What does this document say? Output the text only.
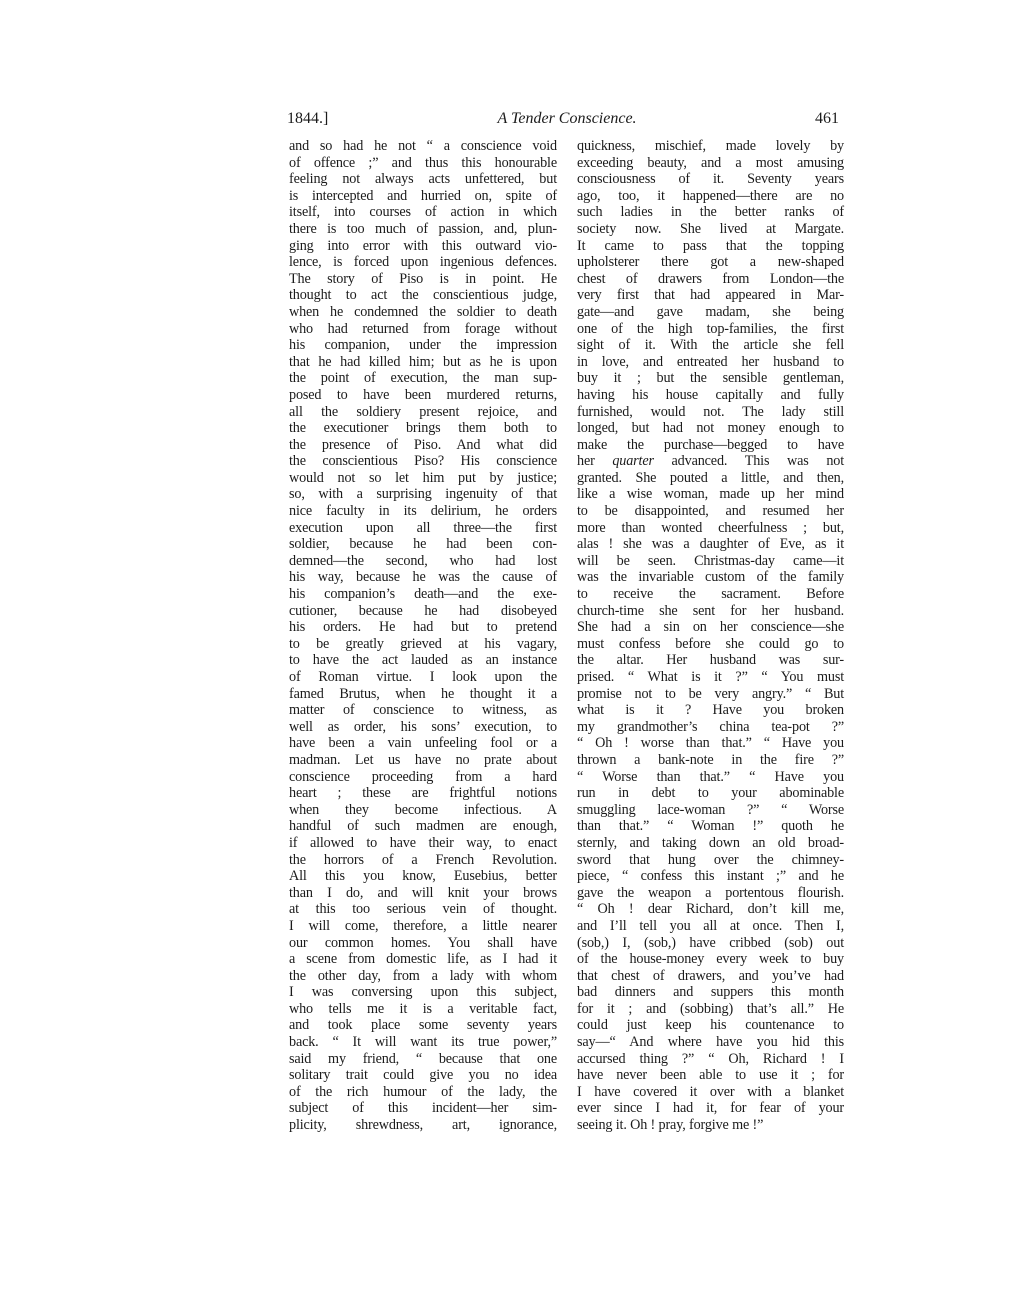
1844.]	A Tender Conscience.	461
and so had he not “ a conscience void
of offence ;” and thus this honourable
feeling not always acts unfettered, but
is intercepted and hurried on, spite of
itself, into courses of action in which
there is too much of passion, and, plun-
ging into error with this outward vio-
lence, is forced upon ingenious defences.
The story of Piso is in point. He
thought to act the conscientious judge,
when he condemned the soldier to death
who had returned from forage without
his companion, under the impression
that he had killed him; but as he is upon
the point of execution, the man sup-
posed to have been murdered returns,
all the soldiery present rejoice, and
the executioner brings them both to
the presence of Piso. And what did
the conscientious Piso? His conscience
would not so let him put by justice;
so, with a surprising ingenuity of that
nice faculty in its delirium, he orders
execution upon all three—the first
soldier, because he had been con-
demned—the second, who had lost
his way, because he was the cause of
his companion’s death—and the exe-
cutioner, because he had disobeyed
his orders. He had but to pretend
to be greatly grieved at his vagary,
to have the act lauded as an instance
of Roman virtue. I look upon the
famed Brutus, when he thought it a
matter of conscience to witness, as
well as order, his sons’ execution, to
have been a vain unfeeling fool or a
madman. Let us have no prate about
conscience proceeding from a hard
heart ; these are frightful notions
when they become infectious. A
handful of such madmen are enough,
if allowed to have their way, to enact
the horrors of a French Revolution.
All this you know, Eusebius, better
than I do, and will knit your brows
at this too serious vein of thought.
I will come, therefore, a little nearer
our common homes. You shall have
a scene from domestic life, as I had it
the other day, from a lady with whom
I was conversing upon this subject,
who tells me it is a veritable fact,
and took place some seventy years
back. “ It will want its true power,”
said my friend, “ because that one
solitary trait could give you no idea
of the rich humour of the lady, the
subject of this incident—her sim-
plicity, shrewdness, art, ignorance,
quickness, mischief, made lovely by
exceeding beauty, and a most amusing
consciousness of it. Seventy years
ago, too, it happened—there are no
such ladies in the better ranks of
society now. She lived at Margate.
It came to pass that the topping
upholsterer there got a new-shaped
chest of drawers from London—the
very first that had appeared in Mar-
gate—and gave madam, she being
one of the high top-families, the first
sight of it. With the article she fell
in love, and entreated her husband to
buy it ; but the sensible gentleman,
having his house capitally and fully
furnished, would not. The lady still
longed, but had not money enough to
make the purchase—begged to have
her quarter advanced. This was not
granted. She pouted a little, and then,
like a wise woman, made up her mind
to be disappointed, and resumed her
more than wonted cheerfulness ; but,
alas ! she was a daughter of Eve, as it
will be seen. Christmas-day came—it
was the invariable custom of the family
to receive the sacrament. Before
church-time she sent for her husband.
She had a sin on her conscience—she
must confess before she could go to
the altar. Her husband was sur-
prised. “ What is it ?” “ You must
promise not to be very angry.” “ But
what is it ? Have you broken
my grandmother’s china tea-pot ?”
“ Oh ! worse than that.” “ Have you
thrown a bank-note in the fire ?”
“ Worse than that.” “ Have you
run in debt to your abominable
smuggling lace-woman ?” “ Worse
than that.” “ Woman !” quoth he
sternly, and taking down an old broad-
sword that hung over the chimney-
piece, “ confess this instant ;” and he
gave the weapon a portentous flourish.
“ Oh ! dear Richard, don’t kill me,
and I’ll tell you all at once. Then I,
(sob,) I, (sob,) have cribbed (sob) out
of the house-money every week to buy
that chest of drawers, and you’ve had
bad dinners and suppers this month
for it ; and (sobbing) that’s all.” He
could just keep his countenance to
say—“ And where have you hid this
accursed thing ?” “ Oh, Richard ! I
have never been able to use it ; for
I have covered it over with a blanket
ever since I had it, for fear of your
seeing it. Oh ! pray, forgive me !”
